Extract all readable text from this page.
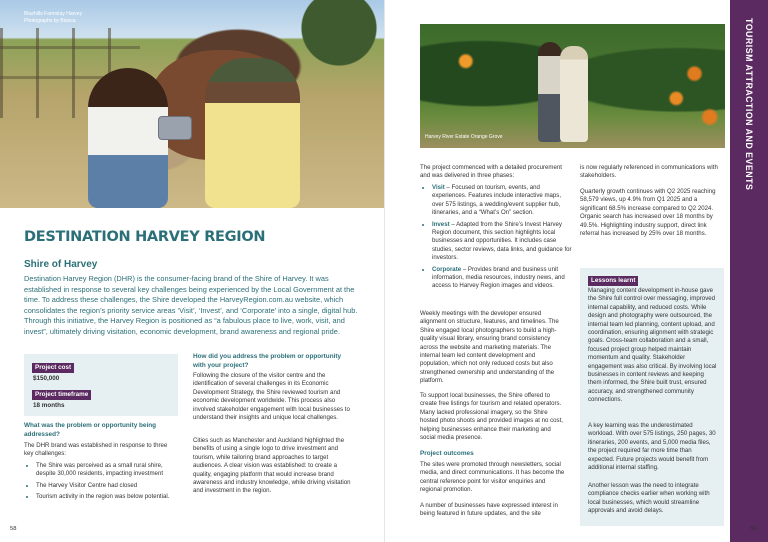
Bluehills Farmstay Harvey
Photographs by Bianca
DESTINATION HARVEY REGION
Shire of Harvey

Destination Harvey Region (DHR) is the consumer-facing brand of the Shire of Harvey. It was established in response to several key challenges being experienced by the Local Government at the time. To address these challenges, the Shire developed the HarveyRegion.com.au website, which consolidates the region’s priority service areas ‘Visit’, ‘Invest’, and ‘Corporate’ into a single, digital hub. Through this initiative, the Harvey Region is positioned as “a fabulous place to live, work, visit, and invest”, ultimately driving visitation, economic development, brand awareness and regional pride.

Project cost
$150,000
Project timeframe
18 months

What was the problem or opportunity being addressed?

The DHR brand was established in response to three key challenges:

• The Shire was perceived as a small rural shire, despite 30,000 residents, impacting investment
• The Harvey Visitor Centre had closed
• Tourism activity in the region was below potential.

How did you address the problem or opportunity with your project?

Following the closure of the visitor centre and the identification of several challenges in its Economic Development Strategy, the Shire reviewed tourism and economic development worldwide. This process also involved stakeholder engagement with local businesses to understand their insights and unique local challenges.

Cities such as Manchester and Auckland highlighted the benefits of using a single logo to drive investment and tourism, while tailoring brand approaches to target audiences. A clear vision was established: to create a quality, engaging platform that would increase brand awareness and industry knowledge, while driving visitation and investment in the region.

58
Harvey River Estate Orange Grove

The project commenced with a detailed procurement and was delivered in three phases:

• Visit – Focused on tourism, events, and experiences. Features include interactive maps, over 575 listings, a wedding/event supplier hub, itineraries, and a “What’s On” section.
• Invest – Adapted from the Shire’s Invest Harvey Region document, this section highlights local businesses and opportunities. It includes case studies, sector reviews, data links, and guidance for investors.
• Corporate – Provides brand and business unit information, media resources, industry news, and access to Harvey Region images and videos.

Weekly meetings with the developer ensured alignment on structure, features, and timelines. The Shire engaged local photographers to build a high-quality visual library, ensuring brand consistency across the website and marketing materials. The internal team led content development and population, which not only reduced costs but also strengthened ownership and understanding of the platform.

To support local businesses, the Shire offered to create free listings for tourism and related operators. Many lacked professional imagery, so the Shire hosted photo shoots and provided images at no cost, helping businesses enhance their marketing and social media presence.

Project outcomes

The sites were promoted through newsletters, social media, and direct communications. It has become the central reference point for visitor enquiries and regional promotion.

A number of businesses have expressed interest in being featured in future updates, and the site

is now regularly referenced in communications with stakeholders.

Quarterly growth continues with Q2 2025 reaching 58,579 views, up 4.9% from Q1 2025 and a significant 68.5% increase compared to Q2 2024. Organic search has increased over 18 months by 49.5%. Highlighting industry support, direct link referral has increased by 25% over 18 months.

Lessons learnt

Managing content development in-house gave the Shire full control over messaging, improved internal capability, and reduced costs. While design and photography were outsourced, the internal team led planning, content upload, and coordination, ensuring alignment with strategic goals. Cross-team collaboration and a small, focused project group helped maintain momentum and quality. Stakeholder engagement was also critical. By involving local businesses in content reviews and keeping them informed, the Shire built trust, ensured accuracy, and strengthened community connections.

A key learning was the underestimated workload. With over 575 listings, 250 pages, 30 itineraries, 200 events, and 5,000 media files, the project required far more time than expected. Future projects would benefit from additional internal staffing.

Another lesson was the need to integrate compliance checks earlier when working with local businesses, which would streamline approvals and avoid delays.

TOURISM ATTRACTION AND EVENTS
59
